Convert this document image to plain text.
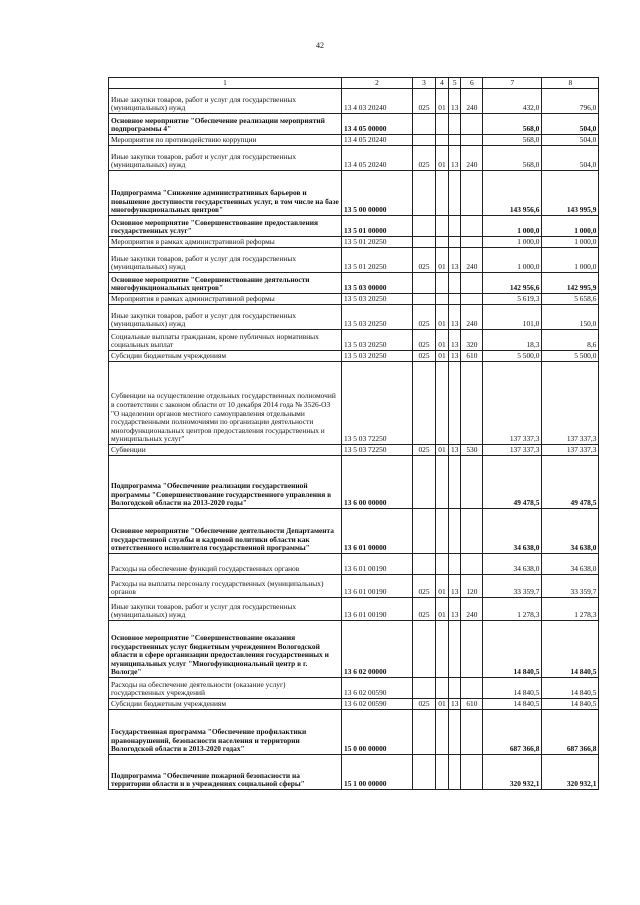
42
1	2	3	4	5	6	7	8
Иные закупки товаров, работ и услуг для государственных (муниципальных) нужд	13 4 03 20240	025	01	13	240	432,0	796,0
Основное мероприятие "Обеспечение реализации мероприятий подпрограммы 4"	13 4 05 00000					568,0	504,0
Мероприятия по противодействию коррупции	13 4 05 20240					568,0	504,0
Иные закупки товаров, работ и услуг для государственных (муниципальных) нужд	13 4 05 20240	025	01	13	240	568,0	504,0
Подпрограмма "Снижение административных барьеров и повышение доступности государственных услуг, в том числе на базе многофункциональных центров"	13 5 00 00000					143 956,6	143 995,9
Основное мероприятие "Совершенствование предоставления государственных услуг"	13 5 01 00000					1 000,0	1 000,0
Мероприятия в рамках административной реформы	13 5 01 20250					1 000,0	1 000,0
Иные закупки товаров, работ и услуг для государственных (муниципальных) нужд	13 5 01 20250	025	01	13	240	1 000,0	1 000,0
Основное мероприятие "Совершенствование деятельности многофункциональных центров"	13 5 03 00000					142 956,6	142 995,9
Мероприятия в рамках административной реформы	13 5 03 20250					5 619,3	5 658,6
Иные закупки товаров, работ и услуг для государственных (муниципальных) нужд	13 5 03 20250	025	01	13	240	101,0	150,0
Социальные выплаты гражданам, кроме публичных нормативных социальных выплат	13 5 03 20250	025	01	13	320	18,3	8,6
Субсидии бюджетным учреждениям	13 5 03 20250	025	01	13	610	5 500,0	5 500,0
Субвенции на осуществление отдельных государственных полномочий в соответствии с законом области от 10 декабря 2014 года № 3526-ОЗ "О наделении органов местного самоуправления отдельными государственными полномочиями по организации деятельности многофункциональных центров предоставления государственных и муниципальных услуг"	13 5 03 72250					137 337,3	137 337,3
Субвенции	13 5 03 72250	025	01	13	530	137 337,3	137 337,3
Подпрограмма "Обеспечение реализации государственной программы "Совершенствование государственного управления в Вологодской области на 2013-2020 годы"	13 6 00 00000					49 478,5	49 478,5
Основное мероприятие "Обеспечение деятельности Департамента государственной службы и кадровой политики области как ответственного исполнителя государственной программы"	13 6 01 00000					34 638,0	34 638,0
Расходы на обеспечение функций государственных органов	13 6 01 00190					34 638,0	34 638,0
Расходы на выплаты персоналу государственных (муниципальных) органов	13 6 01 00190	025	01	13	120	33 359,7	33 359,7
Иные закупки товаров, работ и услуг для государственных (муниципальных) нужд	13 6 01 00190	025	01	13	240	1 278,3	1 278,3
Основное мероприятие "Совершенствование оказания государственных услуг бюджетным учреждением Вологодской области в сфере организации предоставления государственных и муниципальных услуг "Многофункциональный центр в г. Вологде"	13 6 02 00000					14 840,5	14 840,5
Расходы на обеспечение деятельности (оказание услуг) государственных учреждений	13 6 02 00590					14 840,5	14 840,5
Субсидии бюджетным учреждениям	13 6 02 00590	025	01	13	610	14 840,5	14 840,5
Государственная программа "Обеспечение профилактики правонарушений, безопасности населения и территории Вологодской области в 2013-2020 годах"	15 0 00 00000					687 366,8	687 366,8
Подпрограмма "Обеспечение пожарной безопасности на территории области и в учреждениях социальной сферы"	15 1 00 00000					320 932,1	320 932,1
